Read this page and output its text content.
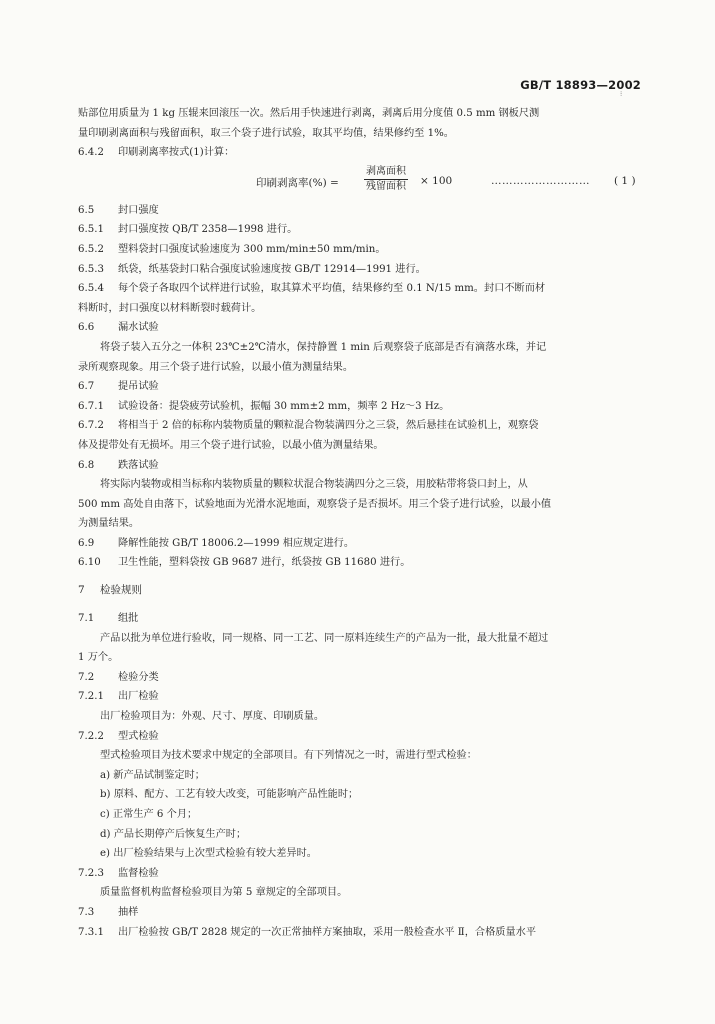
GB/T 18893—2002
⁝
贴部位用质量为 1 kg 压辊来回滚压一次。然后用手快速进行剥离，剥离后用分度值 0.5 mm 钢板尺测
量印刷剥离面积与残留面积，取三个袋子进行试验，取其平均值，结果修约至 1%。
6.4.2 印刷剥离率按式(1)计算：
印刷剥离率(%) =
剥离面积
残留面积 × 100	……………………… ( 1 )
6.5 封口强度
6.5.1 封口强度按 QB/T 2358—1998 进行。
6.5.2 塑料袋封口强度试验速度为 300 mm/min±50 mm/min。
6.5.3 纸袋，纸基袋封口粘合强度试验速度按 GB/T 12914—1991 进行。
6.5.4 每个袋子各取四个试样进行试验，取其算术平均值，结果修约至 0.1 N/15 mm。封口不断而材
料断时，封口强度以材料断裂时载荷计。
6.6 漏水试验
将袋子装入五分之一体积 23℃±2℃清水，保持静置 1 min 后观察袋子底部是否有滴落水珠，并记
录所观察现象。用三个袋子进行试验，以最小值为测量结果。
6.7 提吊试验
6.7.1 试验设备：提袋疲劳试验机，振幅 30 mm±2 mm，频率 2 Hz～3 Hz。
6.7.2 将相当于 2 倍的标称内装物质量的颗粒混合物装满四分之三袋，然后悬挂在试验机上，观察袋
体及提带处有无损坏。用三个袋子进行试验，以最小值为测量结果。
6.8 跌落试验
将实际内装物或相当标称内装物质量的颗粒状混合物装满四分之三袋，用胶粘带将袋口封上，从
500 mm 高处自由落下，试验地面为光滑水泥地面，观察袋子是否损坏。用三个袋子进行试验，以最小值
为测量结果。
6.9 降解性能按 GB/T 18006.2—1999 相应规定进行。
6.10 卫生性能，塑料袋按 GB 9687 进行，纸袋按 GB 11680 进行。
7 检验规则
7.1 组批
产品以批为单位进行验收，同一规格、同一工艺、同一原料连续生产的产品为一批，最大批量不超过
1 万个。
7.2 检验分类
7.2.1 出厂检验
出厂检验项目为：外观、尺寸、厚度、印刷质量。
7.2.2 型式检验
型式检验项目为技术要求中规定的全部项目。有下列情况之一时，需进行型式检验：
a) 新产品试制鉴定时；
b) 原料、配方、工艺有较大改变，可能影响产品性能时；
c) 正常生产 6 个月；
d) 产品长期停产后恢复生产时；
e) 出厂检验结果与上次型式检验有较大差异时。
7.2.3 监督检验
质量监督机构监督检验项目为第 5 章规定的全部项目。
7.3 抽样
7.3.1 出厂检验按 GB/T 2828 规定的一次正常抽样方案抽取，采用一般检查水平 Ⅱ，合格质量水平
